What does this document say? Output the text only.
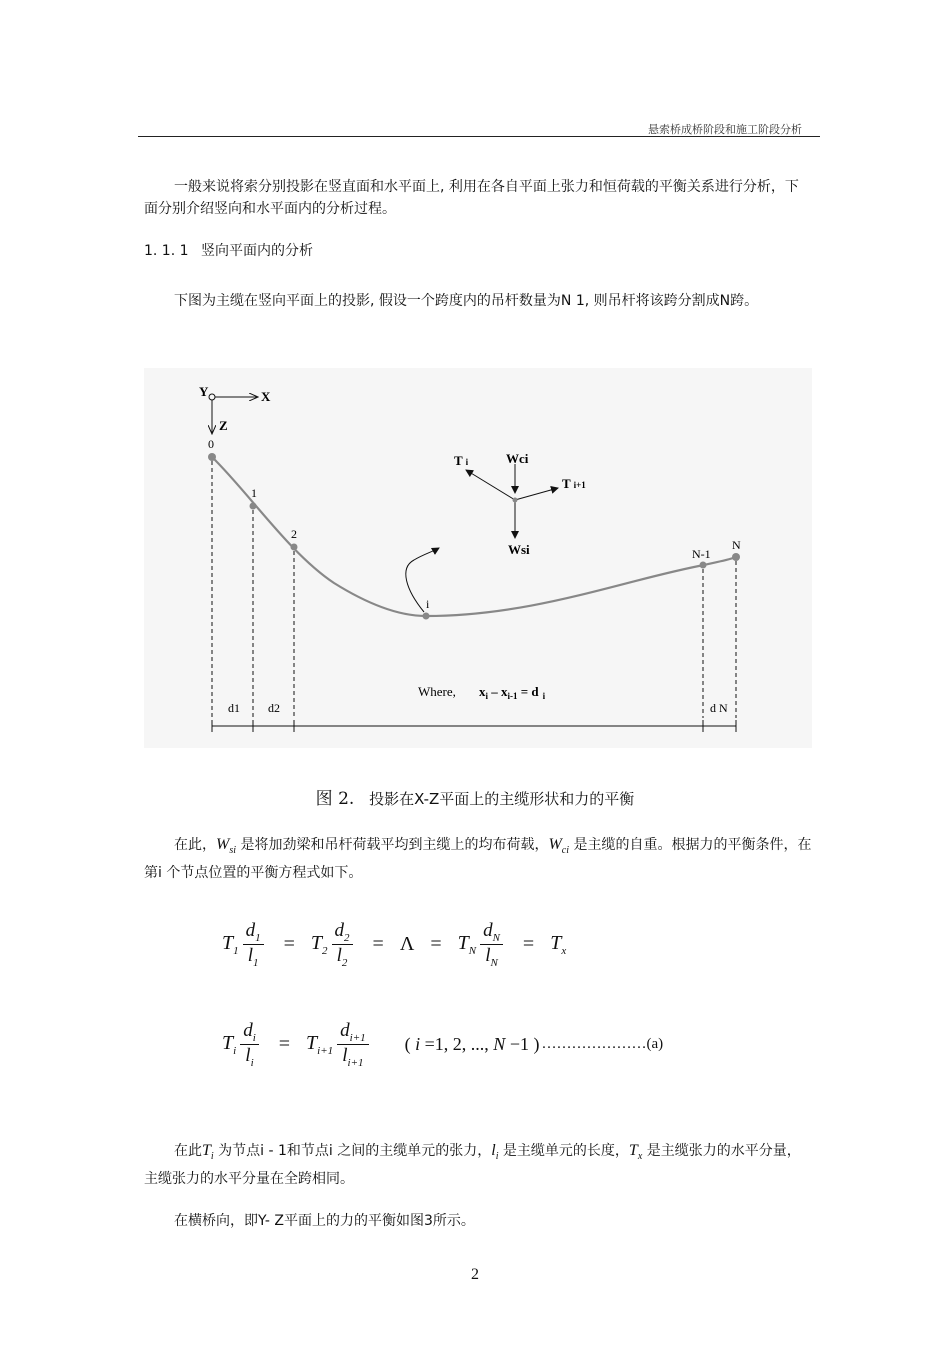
悬索桥成桥阶段和施工阶段分析

一般来说将索分别投影在竖直面和水平面上, 利用在各自平面上张力和恒荷载的平衡关系进行分析，下面分别介绍竖向和水平面内的分析过程。

1. 1. 1 竖向平面内的分析

下图为主缆在竖向平面上的投影, 假设一个跨度内的吊杆数量为N 1, 则吊杆将该跨分割成N跨。

Y	X
Z
0
1
2
i
N-1
N
d1 d2	d N
Where, $x_i - x_{i-1} = d$ $_i$
T i	Wci
T i+1
Wsi
图 2. 投影在X-Z平面上的主缆形状和力的平衡

在此，$W_{si}$ 是将加劲梁和吊杆荷载平均到主缆上的均布荷载，$W_{ci}$ 是主缆的自重。根据力的平衡条件，在第i 个节点位置的平衡方程式如下。

$T_1 \frac{d_1}{l_1} = T_2 \frac{d_2}{l_2} = \Lambda = T_N \frac{d_N}{l_N} = T_x$
$T_i \frac{d_i}{l_i} = T_{i+1} \frac{d_{i+1}}{l_{i+1}}$ ( i =1, 2, ..., N −1 ) …………………(a)

在此$T_i$ 为节点i - 1和节点i 之间的主缆单元的张力，$l_i$ 是主缆单元的长度，$T_x$ 是主缆张力的水平分量，主缆张力的水平分量在全跨相同。

在横桥向，即Y- Z平面上的力的平衡如图3所示。

2
